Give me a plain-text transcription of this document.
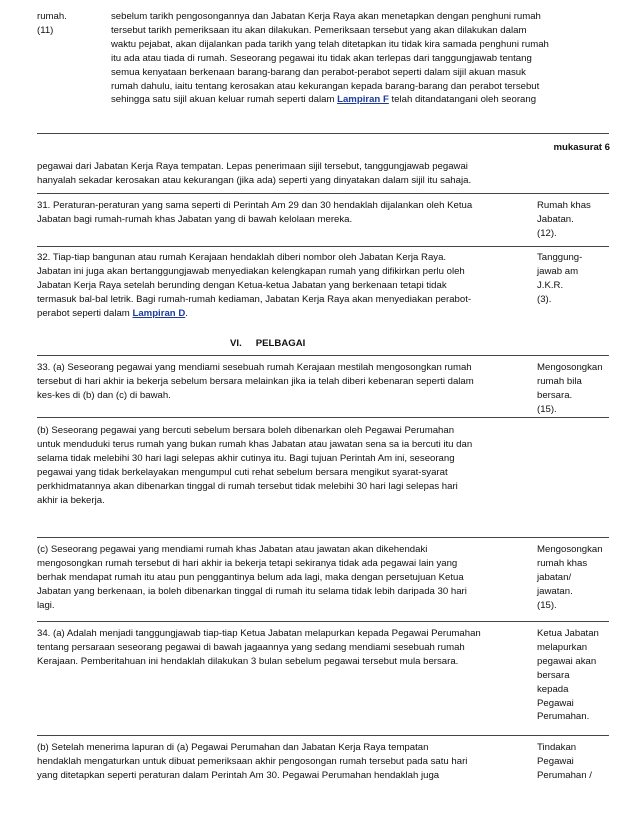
rumah.
(11)
sebelum tarikh pengosongannya dan Jabatan Kerja Raya akan menetapkan dengan penghuni rumah
tersebut tarikh pemeriksaan itu akan dilakukan. Pemeriksaan tersebut yang akan dilakukan dalam
waktu pejabat, akan dijalankan pada tarikh yang telah ditetapkan itu tidak kira samada penghuni rumah
itu ada atau tiada di rumah. Seseorang pegawai itu tidak akan terlepas dari tanggungjawab tentang
semua kenyataan berkenaan barang-barang dan perabot-perabot seperti dalam sijil akuan masuk
rumah dahulu, iaitu tentang kerosakan atau kekurangan kepada barang-barang dan perabot tersebut
sehingga satu sijil akuan keluar rumah seperti dalam Lampiran F telah ditandatangani oleh seorang
mukasurat 6
pegawai dari Jabatan Kerja Raya tempatan. Lepas penerimaan sijil tersebut, tanggungjawab pegawai
hanyalah sekadar kerosakan atau kekurangan (jika ada) seperti yang dinyatakan dalam sijil itu sahaja.
31. Peraturan-peraturan yang sama seperti di Perintah Am 29 dan 30 hendaklah dijalankan oleh Ketua
Jabatan bagi rumah-rumah khas Jabatan yang di bawah kelolaan mereka.
Rumah khas
Jabatan.
(12).
32. Tiap-tiap bangunan atau rumah Kerajaan hendaklah diberi nombor oleh Jabatan Kerja Raya.
Jabatan ini juga akan bertanggungjawab menyediakan kelengkapan rumah yang difikirkan perlu oleh
Jabatan Kerja Raya setelah berunding dengan Ketua-ketua Jabatan yang berkenaan tetapi tidak
termasuk bal-bal letrik. Bagi rumah-rumah kediaman, Jabatan Kerja Raya akan menyediakan perabot-
perabot seperti dalam Lampiran D.
Tanggung-
jawab am
J.K.R.
(3).
VI. PELBAGAI
33. (a) Seseorang pegawai yang mendiami sesebuah rumah Kerajaan mestilah mengosongkan rumah
tersebut di hari akhir ia bekerja sebelum bersara melainkan jika ia telah diberi kebenaran seperti dalam
kes-kes di (b) dan (c) di bawah.
Mengosongkan
rumah bila
bersara.
(15).
(b) Seseorang pegawai yang bercuti sebelum bersara boleh dibenarkan oleh Pegawai Perumahan
untuk menduduki terus rumah yang bukan rumah khas Jabatan atau jawatan sena sa ia bercuti itu dan
selama tidak melebihi 30 hari lagi selepas akhir cutinya itu. Bagi tujuan Perintah Am ini, seseorang
pegawai yang tidak berkelayakan mengumpul cuti rehat sebelum bersara mengikut syarat-syarat
perkhidmatannya akan dibenarkan tinggal di rumah tersebut tidak melebihi 30 hari lagi selepas hari
akhir ia bekerja.
(c) Seseorang pegawai yang mendiami rumah khas Jabatan atau jawatan akan dikehendaki
mengosongkan rumah tersebut di hari akhir ia bekerja tetapi sekiranya tidak ada pegawai lain yang
berhak mendapat rumah itu atau pun penggantinya belum ada lagi, maka dengan persetujuan Ketua
Jabatan yang berkenaan, ia boleh dibenarkan tinggal di rumah itu selama tidak lebih daripada 30 hari
lagi.
Mengosongkan
rumah khas
jabatan/
jawatan.
(15).
34. (a) Adalah menjadi tanggungjawab tiap-tiap Ketua Jabatan melapurkan kepada Pegawai Perumahan
tentang persaraan seseorang pegawai di bawah jagaannya yang sedang mendiami sesebuah rumah
Kerajaan. Pemberitahuan ini hendaklah dilakukan 3 bulan sebelum pegawai tersebut mula bersara.
Ketua Jabatan
melapurkan
pegawai akan
bersara
kepada
Pegawai
Perumahan.
(b) Setelah menerima lapuran di (a) Pegawai Perumahan dan Jabatan Kerja Raya tempatan
hendaklah mengaturkan untuk dibuat pemeriksaan akhir pengosongan rumah tersebut pada satu hari
yang ditetapkan seperti peraturan dalam Perintah Am 30. Pegawai Perumahan hendaklah juga
Tindakan
Pegawai
Perumahan /
